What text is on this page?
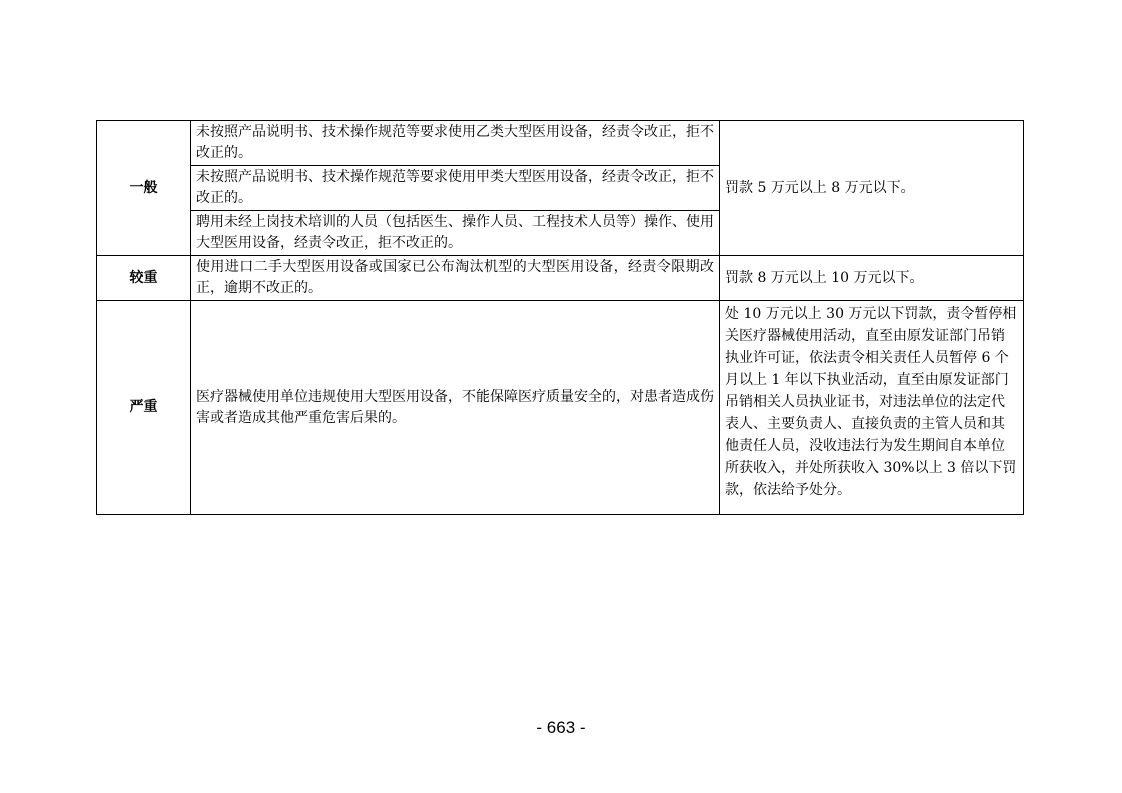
一般	未按照产品说明书、技术操作规范等要求使用乙类大型医用设备，经责令改正，拒不改正的。	罚款 5 万元以上 8 万元以下。
	未按照产品说明书、技术操作规范等要求使用甲类大型医用设备，经责令改正，拒不改正的。	
	聘用未经上岗技术培训的人员（包括医生、操作人员、工程技术人员等）操作、使用大型医用设备，经责令改正，拒不改正的。	
较重	使用进口二手大型医用设备或国家已公布淘汰机型的大型医用设备，经责令限期改正，逾期不改正的。	罚款 8 万元以上 10 万元以下。
严重	医疗器械使用单位违规使用大型医用设备，不能保障医疗质量安全的，对患者造成伤害或者造成其他严重危害后果的。	处 10 万元以上 30 万元以下罚款，责令暂停相关医疗器械使用活动，直至由原发证部门吊销执业许可证，依法责令相关责任人员暂停 6 个月以上 1 年以下执业活动，直至由原发证部门吊销相关人员执业证书，对违法单位的法定代表人、主要负责人、直接负责的主管人员和其他责任人员，没收违法行为发生期间自本单位所获收入，并处所获收入 30%以上 3 倍以下罚款，依法给予处分。
- 663 -
